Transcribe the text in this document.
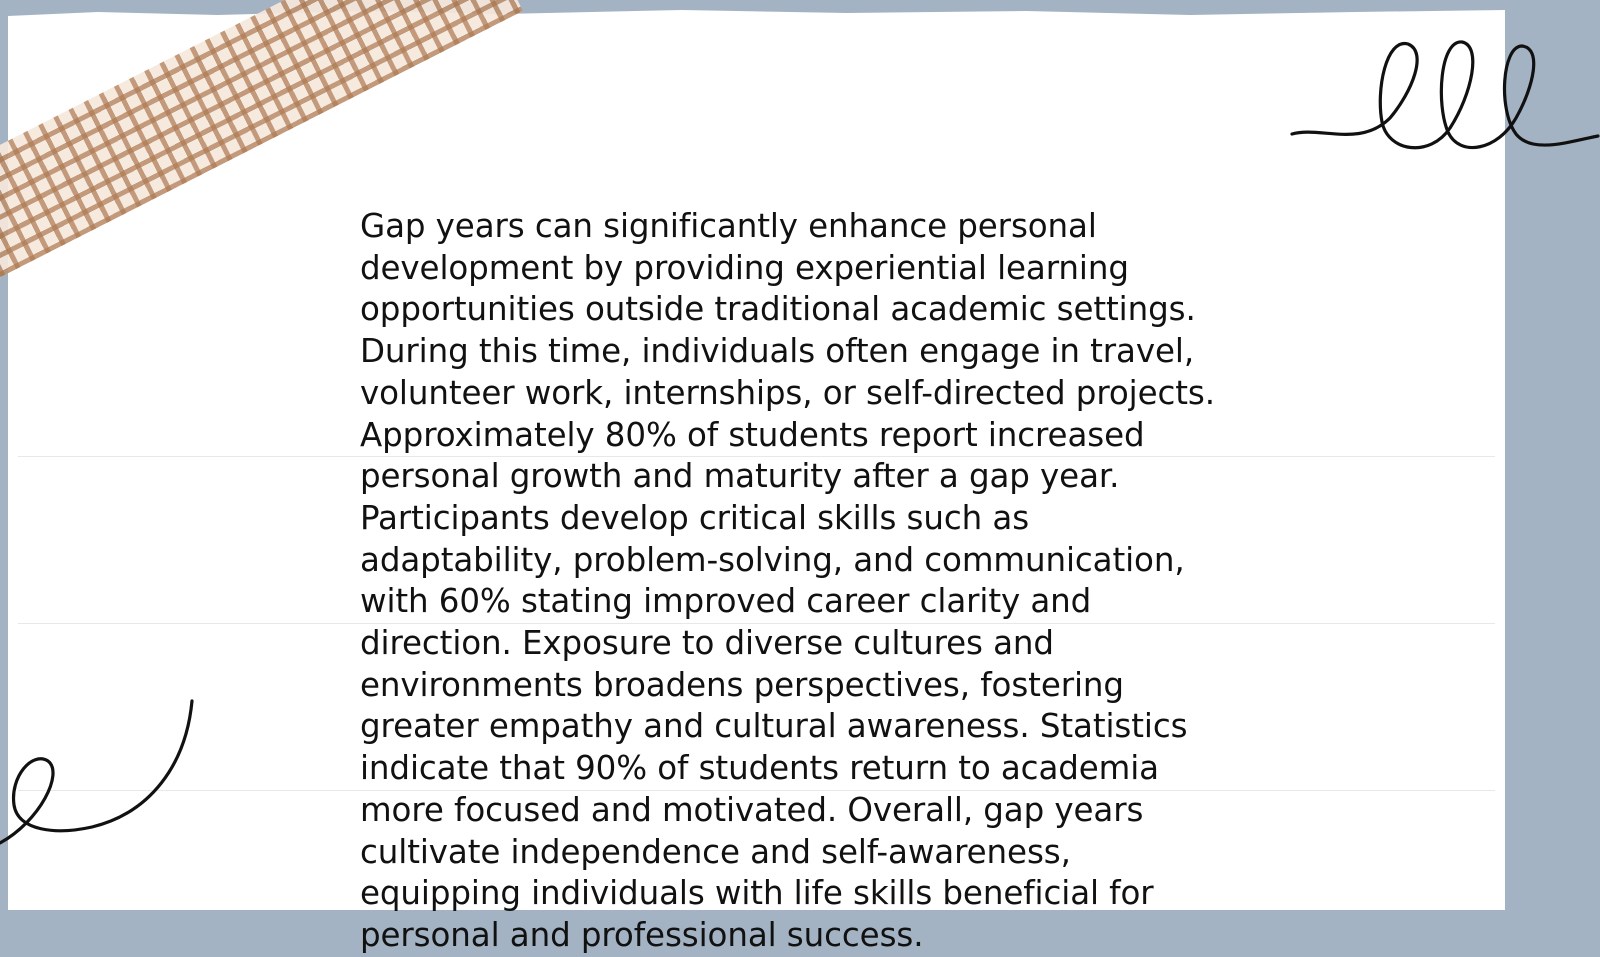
Gap years can significantly enhance personal development by providing experiential learning opportunities outside traditional academic settings. During this time, individuals often engage in travel, volunteer work, internships, or self-directed projects. Approximately 80% of students report increased personal growth and maturity after a gap year. Participants develop critical skills such as adaptability, problem-solving, and communication, with 60% stating improved career clarity and direction. Exposure to diverse cultures and environments broadens perspectives, fostering greater empathy and cultural awareness. Statistics indicate that 90% of students return to academia more focused and motivated. Overall, gap years cultivate independence and self-awareness, equipping individuals with life skills beneficial for personal and professional success.
